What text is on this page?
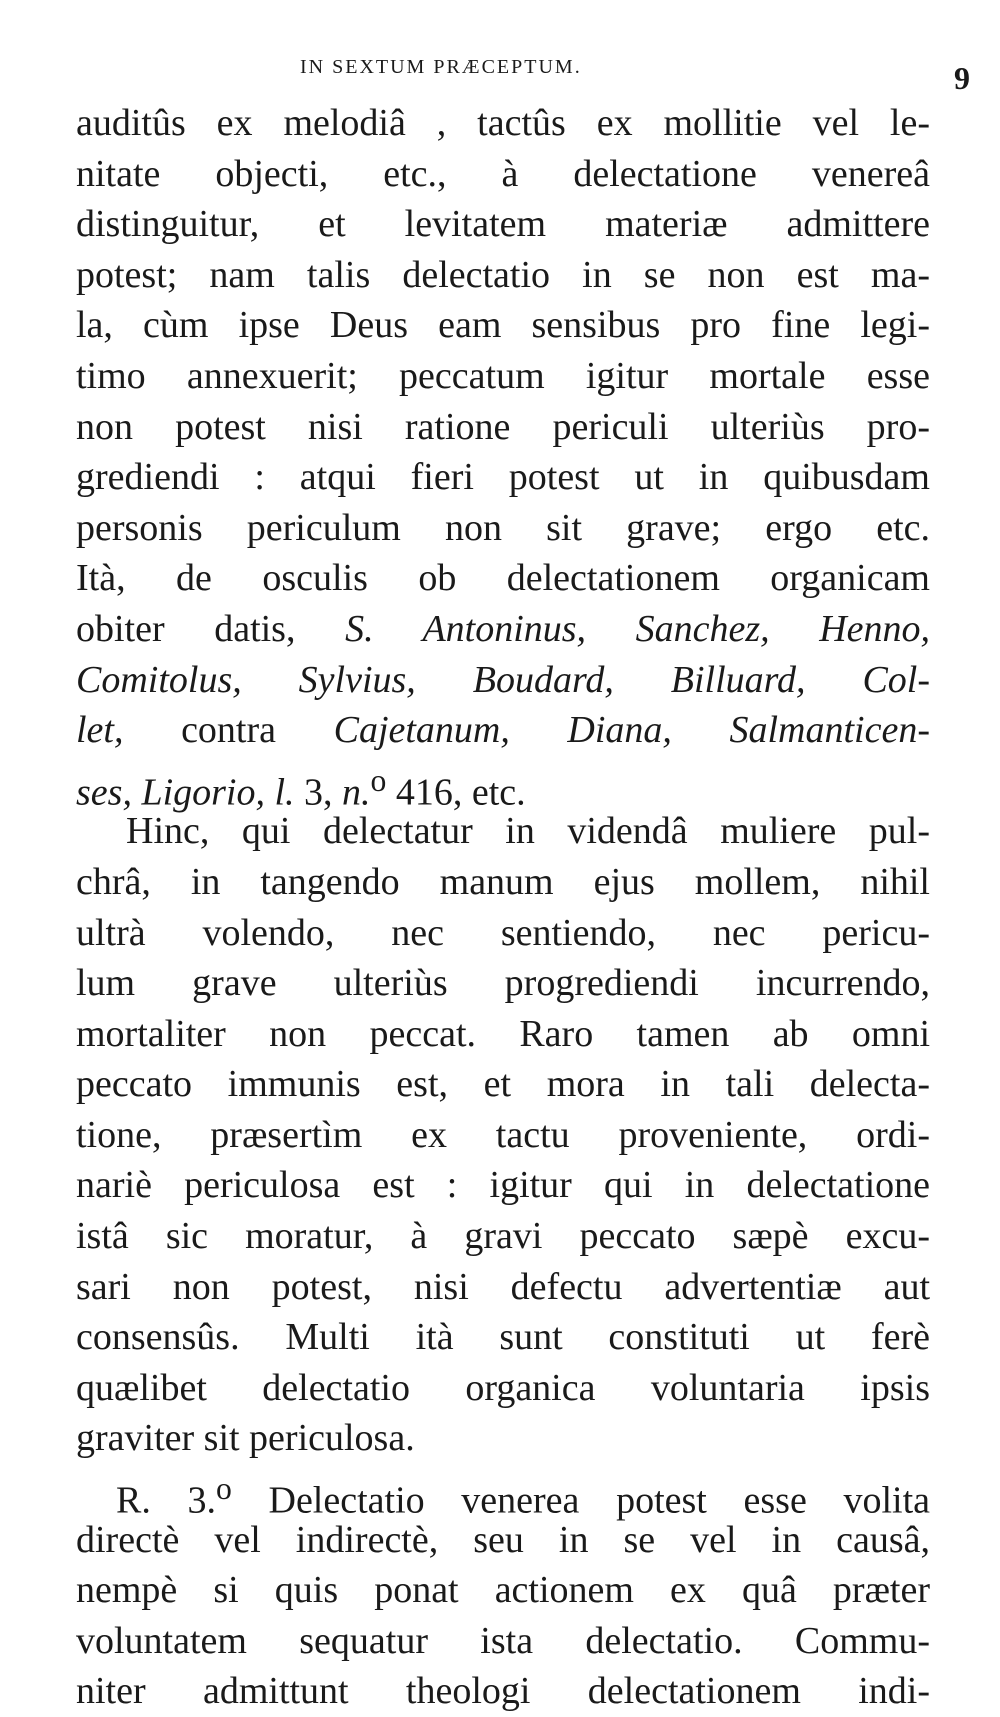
IN SEXTUM PRÆCEPTUM.	9
auditûs ex melodiâ , tactûs ex mollitie vel le-
nitate objecti, etc., à delectatione venereâ
distinguitur, et levitatem materiæ admittere
potest; nam talis delectatio in se non est ma-
la, cùm ipse Deus eam sensibus pro fine legi-
timo annexuerit; peccatum igitur mortale esse
non potest nisi ratione periculi ulteriùs pro-
grediendi : atqui fieri potest ut in quibusdam
personis periculum non sit grave; ergo etc.
Ità, de osculis ob delectationem organicam
obiter datis, S. Antoninus, Sanchez, Henno,
Comitolus, Sylvius, Boudard, Billuard, Col-
let, contra Cajetanum, Diana, Salmanticen-
ses, Ligorio, l. 3, n.$^o$ 416, etc.
Hinc, qui delectatur in videndâ muliere pul-
chrâ, in tangendo manum ejus mollem, nihil
ultrà volendo, nec sentiendo, nec pericu-
lum grave ulteriùs progrediendi incurrendo,
mortaliter non peccat. Raro tamen ab omni
peccato immunis est, et mora in tali delecta-
tione, præsertìm ex tactu proveniente, ordi-
nariè periculosa est : igitur qui in delectatione
istâ sic moratur, à gravi peccato sæpè excu-
sari non potest, nisi defectu advertentiæ aut
consensûs. Multi ità sunt constituti ut ferè
quælibet delectatio organica voluntaria ipsis
graviter sit periculosa.
R. 3.$^o$ Delectatio venerea potest esse volita
directè vel indirectè, seu in se vel in causâ,
nempè si quis ponat actionem ex quâ præter
voluntatem sequatur ista delectatio. Commu-
niter admittunt theologi delectationem indi-
